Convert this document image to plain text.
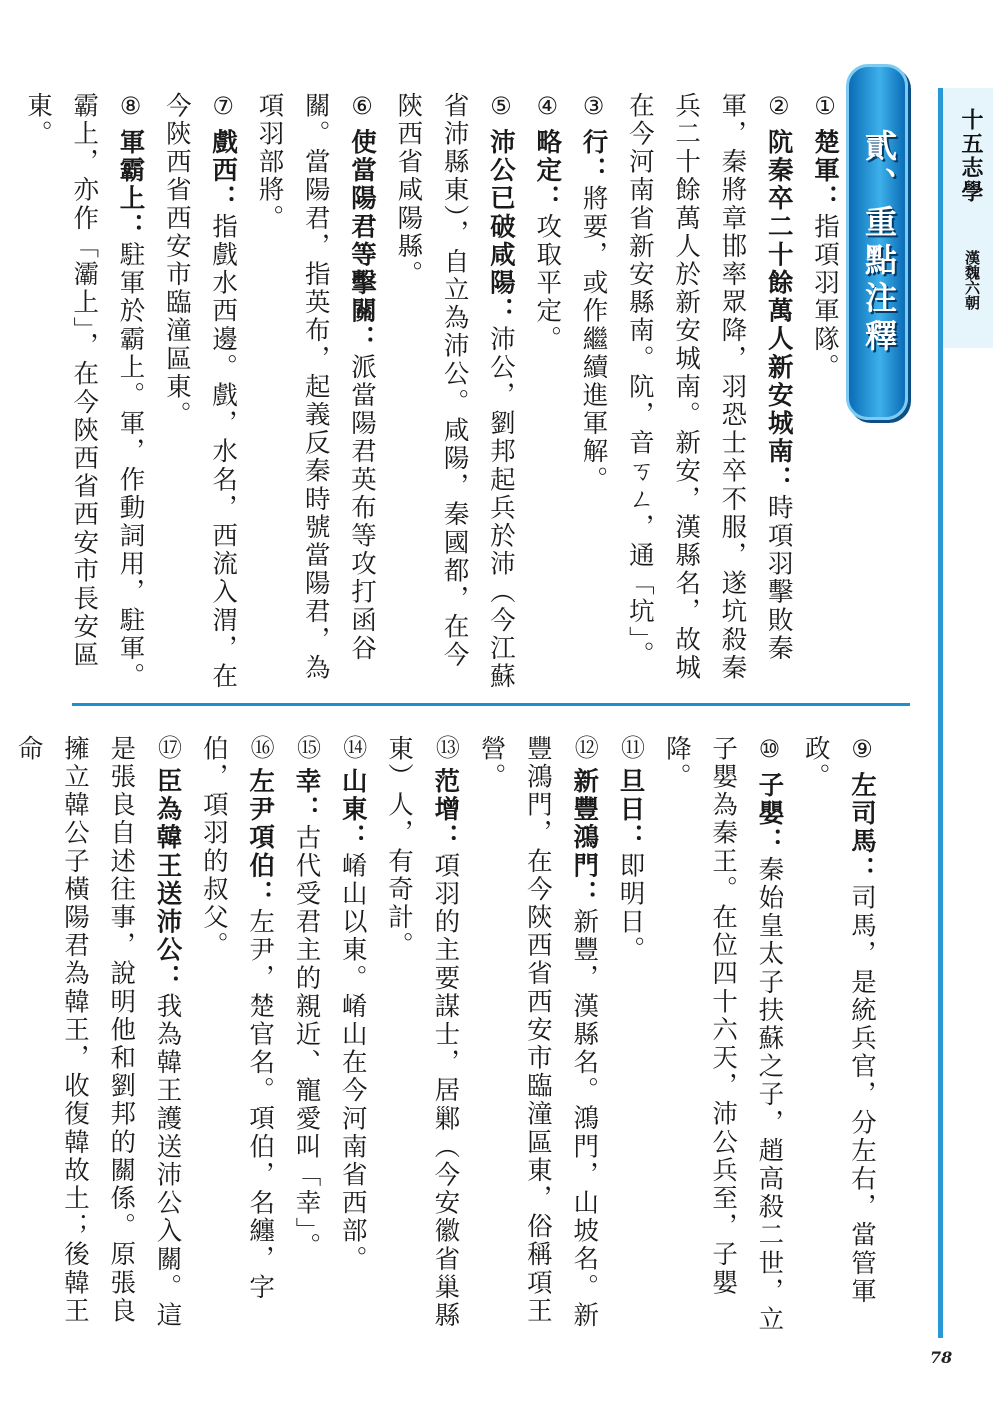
十五志學
漢魏六朝
貳、重點注釋
①楚軍：指項羽軍隊。
②阬秦卒二十餘萬人新安城南：時項羽擊敗秦軍，秦將章邯率眾降，羽恐士卒不服，遂坑殺秦兵二十餘萬人於新安城南。新安，漢縣名，故城在今河南省新安縣南。阬，音ㄎㄥ，通「坑」。
③行：將要，或作繼續進軍解。
④略定：攻取平定。
⑤沛公已破咸陽：沛公，劉邦起兵於沛（今江蘇省沛縣東），自立為沛公。咸陽，秦國都，在今陝西省咸陽縣。
⑥使當陽君等擊關：派當陽君英布等攻打函谷關。當陽君，指英布，起義反秦時號當陽君，為項羽部將。
⑦戲西：指戲水西邊。戲，水名，西流入渭，在今陝西省西安市臨潼區東。
⑧軍霸上：駐軍於霸上。軍，作動詞用，駐軍。霸上，亦作「灞上」，在今陝西省西安市長安區東。
⑨左司馬：司馬，是統兵官，分左右，當管軍政。
⑩子嬰：秦始皇太子扶蘇之子，趙高殺二世，立子嬰為秦王。在位四十六天，沛公兵至，子嬰降。
⑪旦日：即明日。
⑫新豐鴻門：新豐，漢縣名。鴻門，山坡名。新豐鴻門，在今陝西省西安市臨潼區東，俗稱項王營。
⑬范增：項羽的主要謀士，居鄛（今安徽省巢縣東）人，有奇計。
⑭山東：崤山以東。崤山在今河南省西部。
⑮幸：古代受君主的親近、寵愛叫「幸」。
⑯左尹項伯：左尹，楚官名。項伯，名纏，字伯，項羽的叔父。
⑰臣為韓王送沛公：我為韓王護送沛公入關。這是張良自述往事，說明他和劉邦的關係。原張良擁立韓公子橫陽君為韓王，收復韓故土；後韓王命
78
